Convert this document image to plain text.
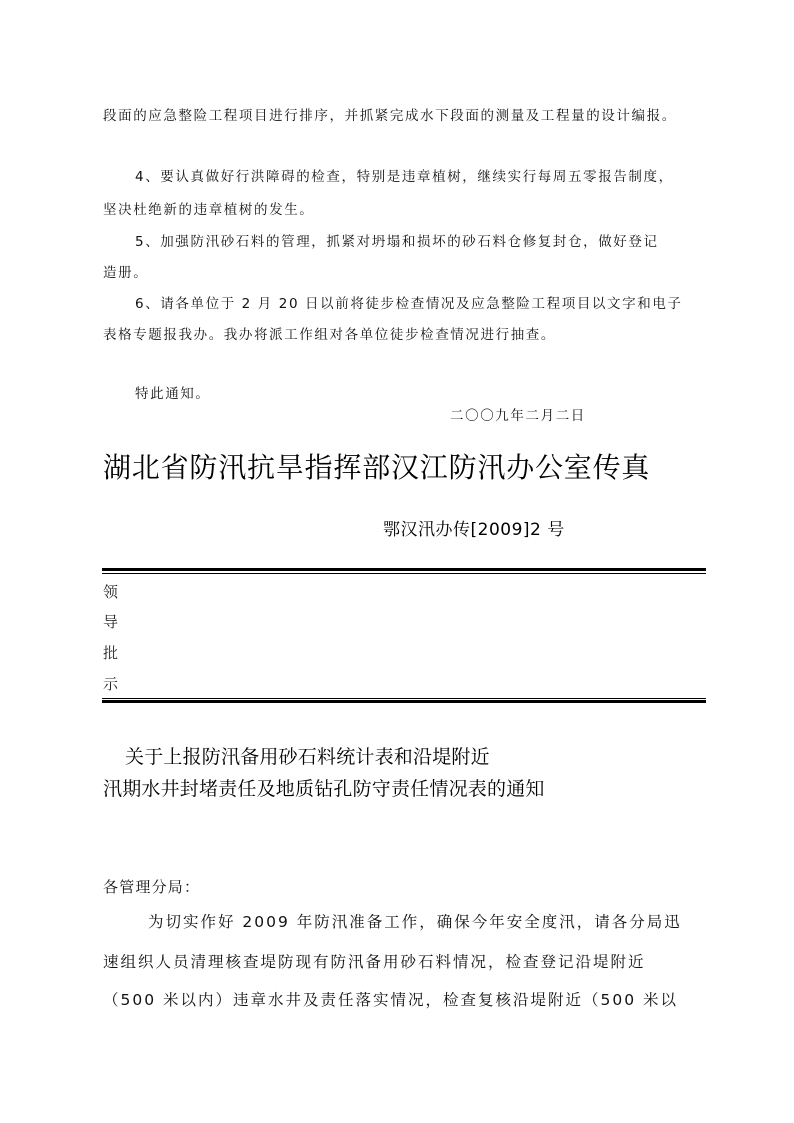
段面的应急整险工程项目进行排序，并抓紧完成水下段面的测量及工程量的设计编报。
4、要认真做好行洪障碍的检查，特别是违章植树，继续实行每周五零报告制度，
坚决杜绝新的违章植树的发生。
5、加强防汛砂石料的管理，抓紧对坍塌和损坏的砂石料仓修复封仓，做好登记
造册。
6、请各单位于 2 月 20 日以前将徒步检查情况及应急整险工程项目以文字和电子
表格专题报我办。我办将派工作组对各单位徒步检查情况进行抽查。
特此通知。
二〇〇九年二月二日
湖北省防汛抗旱指挥部汉江防汛办公室传真
鄂汉汛办传[2009]2 号
领
导
批
示
关于上报防汛备用砂石料统计表和沿堤附近
汛期水井封堵责任及地质钻孔防守责任情况表的通知
各管理分局：
为切实作好 2009 年防汛准备工作，确保今年安全度汛，请各分局迅
速组织人员清理核查堤防现有防汛备用砂石料情况，检查登记沿堤附近
（500 米以内）违章水井及责任落实情况，检查复核沿堤附近（500 米以
